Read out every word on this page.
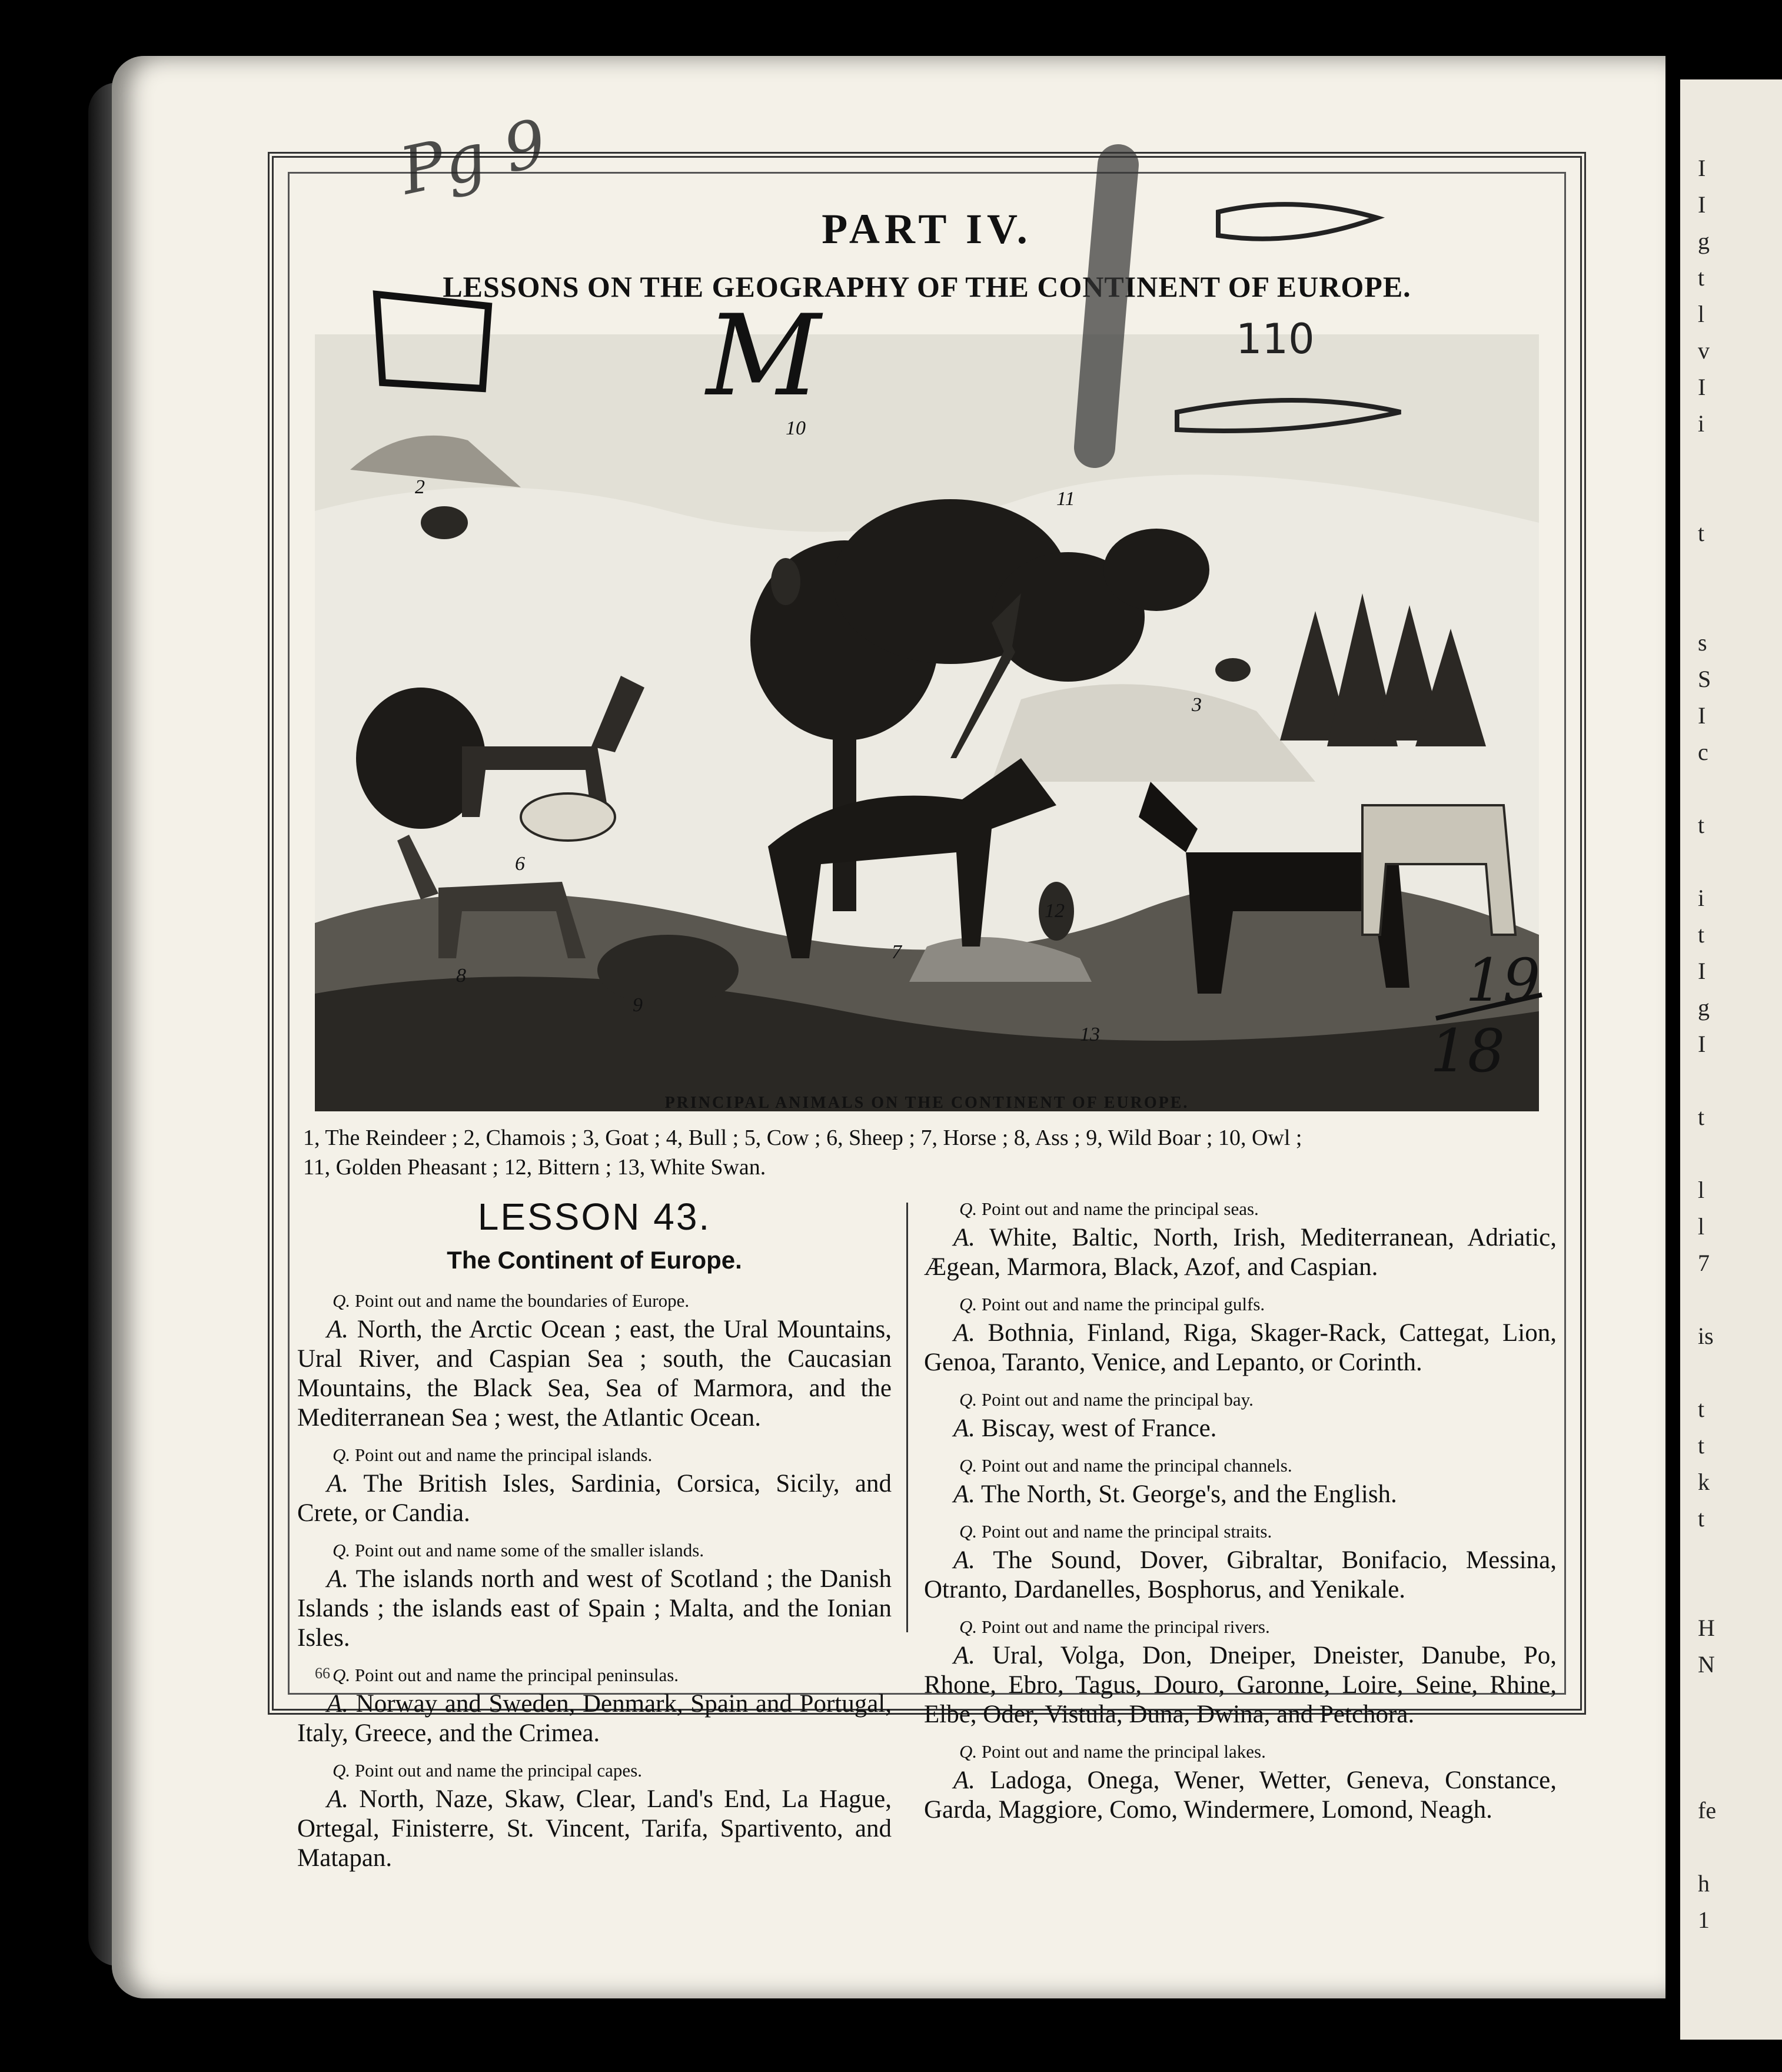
I
I
g
t
l
v
I
i

t

s
S
I
c

t

i
t
I
g
I

t

l
l
7

is

t
t
k
t

H
N

fe

h
1
PART IV.
LESSONS ON THE GEOGRAPHY OF THE CONTINENT OF EUROPE.
2
10
11
3
6
8
9
7
12
13
PRINCIPAL ANIMALS ON THE CONTINENT OF EUROPE.
1, The Reindeer ; 2, Chamois ; 3, Goat ; 4, Bull ; 5, Cow ; 6, Sheep ; 7, Horse ; 8, Ass ; 9, Wild Boar ; 10, Owl ;
11, Golden Pheasant ; 12, Bittern ; 13, White Swan.
LESSON 43.
The Continent of Europe.
Q. Point out and name the boundaries of Europe.
A. North, the Arctic Ocean ; east, the Ural Mountains, Ural River, and Caspian Sea ; south, the Caucasian Mountains, the Black Sea, Sea of Marmora, and the Mediterranean Sea ; west, the Atlantic Ocean.
Q. Point out and name the principal islands.
A. The British Isles, Sardinia, Corsica, Sicily, and Crete, or Candia.
Q. Point out and name some of the smaller islands.
A. The islands north and west of Scotland ; the Danish Islands ; the islands east of Spain ; Malta, and the Ionian Isles.
Q. Point out and name the principal peninsulas.
A. Norway and Sweden, Denmark, Spain and Portugal, Italy, Greece, and the Crimea.
Q. Point out and name the principal capes.
A. North, Naze, Skaw, Clear, Land's End, La Hague, Ortegal, Finisterre, St. Vincent, Tarifa, Spartivento, and Matapan.
Q. Point out and name the principal seas.
A. White, Baltic, North, Irish, Mediterranean, Adriatic, Ægean, Marmora, Black, Azof, and Caspian.
Q. Point out and name the principal gulfs.
A. Bothnia, Finland, Riga, Skager-Rack, Cattegat, Lion, Genoa, Taranto, Venice, and Lepanto, or Corinth.
Q. Point out and name the principal bay.
A. Biscay, west of France.
Q. Point out and name the principal channels.
A. The North, St. George's, and the English.
Q. Point out and name the principal straits.
A. The Sound, Dover, Gibraltar, Bonifacio, Messina, Otranto, Dardanelles, Bosphorus, and Yenikale.
Q. Point out and name the principal rivers.
A. Ural, Volga, Don, Dneiper, Dneister, Danube, Po, Rhone, Ebro, Tagus, Douro, Garonne, Loire, Seine, Rhine, Elbe, Oder, Vistula, Duna, Dwina, and Petchora.
Q. Point out and name the principal lakes.
A. Ladoga, Onega, Wener, Wetter, Geneva, Constance, Garda, Maggiore, Como, Windermere, Lomond, Neagh.
66
Pg 9
M	110
19
18
